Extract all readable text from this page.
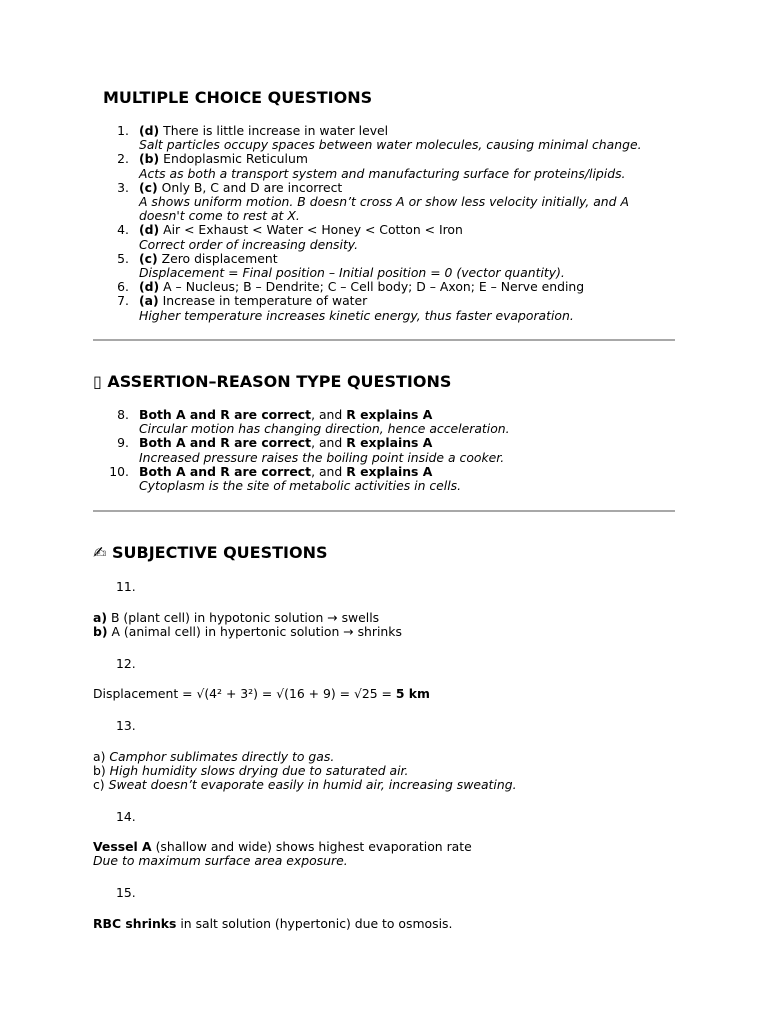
MULTIPLE CHOICE QUESTIONS
1. (d) There is little increase in water level
Salt particles occupy spaces between water molecules, causing minimal change.
2. (b) Endoplasmic Reticulum
Acts as both a transport system and manufacturing surface for proteins/lipids.
3. (c) Only B, C and D are incorrect
A shows uniform motion. B doesn’t cross A or show less velocity initially, and A doesn't come to rest at X.
4. (d) Air < Exhaust < Water < Honey < Cotton < Iron
Correct order of increasing density.
5. (c) Zero displacement
Displacement = Final position – Initial position = 0 (vector quantity).
6. (d) A – Nucleus; B – Dendrite; C – Cell body; D – Axon; E – Nerve ending
7. (a) Increase in temperature of water
Higher temperature increases kinetic energy, thus faster evaporation.
▯ ASSERTION–REASON TYPE QUESTIONS
8. Both A and R are correct, and R explains A
Circular motion has changing direction, hence acceleration.
9. Both A and R are correct, and R explains A
Increased pressure raises the boiling point inside a cooker.
10. Both A and R are correct, and R explains A
Cytoplasm is the site of metabolic activities in cells.
✍ SUBJECTIVE QUESTIONS
11.
a) B (plant cell) in hypotonic solution → swells
b) A (animal cell) in hypertonic solution → shrinks
12.
Displacement = √(4² + 3²) = √(16 + 9) = √25 = 5 km
13.
a) Camphor sublimates directly to gas.
b) High humidity slows drying due to saturated air.
c) Sweat doesn’t evaporate easily in humid air, increasing sweating.
14.
Vessel A (shallow and wide) shows highest evaporation rate
Due to maximum surface area exposure.
15.
RBC shrinks in salt solution (hypertonic) due to osmosis.
